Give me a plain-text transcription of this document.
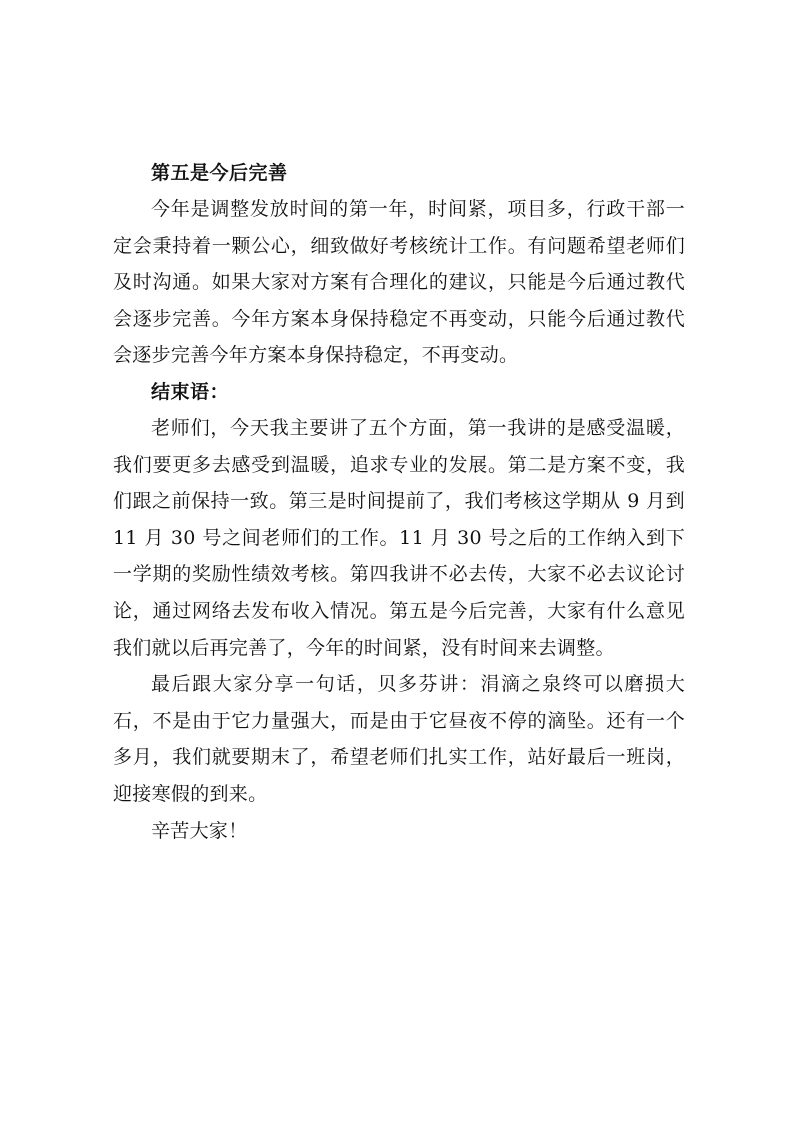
第五是今后完善

今年是调整发放时间的第一年，时间紧，项目多，行政干部一定会秉持着一颗公心，细致做好考核统计工作。有问题希望老师们及时沟通。如果大家对方案有合理化的建议，只能是今后通过教代会逐步完善。今年方案本身保持稳定不再变动，只能今后通过教代会逐步完善今年方案本身保持稳定，不再变动。

结束语：

老师们，今天我主要讲了五个方面，第一我讲的是感受温暖，我们要更多去感受到温暖，追求专业的发展。第二是方案不变，我们跟之前保持一致。第三是时间提前了，我们考核这学期从 9 月到 11 月 30 号之间老师们的工作。11 月 30 号之后的工作纳入到下一学期的奖励性绩效考核。第四我讲不必去传，大家不必去议论讨论，通过网络去发布收入情况。第五是今后完善，大家有什么意见我们就以后再完善了，今年的时间紧，没有时间来去调整。

最后跟大家分享一句话，贝多芬讲：涓滴之泉终可以磨损大石，不是由于它力量强大，而是由于它昼夜不停的滴坠。还有一个多月，我们就要期末了，希望老师们扎实工作，站好最后一班岗，迎接寒假的到来。

辛苦大家！
